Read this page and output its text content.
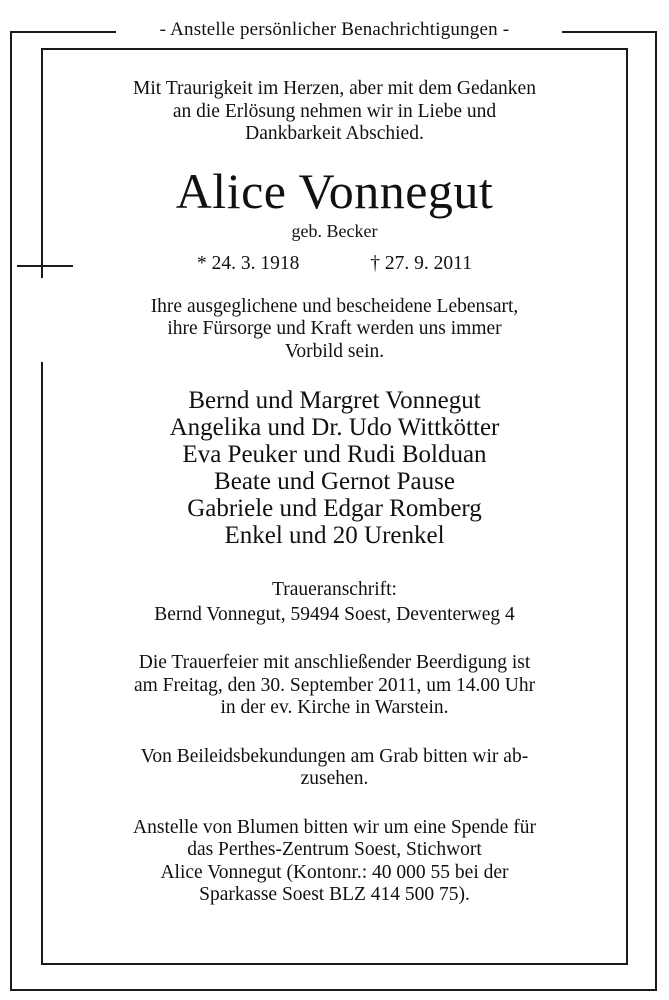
- Anstelle persönlicher Benachrichtigungen -

Mit Traurigkeit im Herzen, aber mit dem Gedanken

an die Erlösung nehmen wir in Liebe und

Dankbarkeit Abschied.

Alice Vonnegut

geb. Becker

* 24. 3. 1918	† 27. 9. 2011

Ihre ausgeglichene und bescheidene Lebensart,

ihre Fürsorge und Kraft werden uns immer

Vorbild sein.

Bernd und Margret Vonnegut

Angelika und Dr. Udo Wittkötter

Eva Peuker und Rudi Bolduan

Beate und Gernot Pause

Gabriele und Edgar Romberg

Enkel und 20 Urenkel

Traueranschrift:

Bernd Vonnegut, 59494 Soest, Deventerweg 4

Die Trauerfeier mit anschließender Beerdigung ist

am Freitag, den 30. September 2011, um 14.00 Uhr

in der ev. Kirche in Warstein.

Von Beileidsbekundungen am Grab bitten wir ab-

zusehen.

Anstelle von Blumen bitten wir um eine Spende für

das Perthes-Zentrum Soest, Stichwort

Alice Vonnegut (Kontonr.: 40 000 55 bei der

Sparkasse Soest BLZ 414 500 75).
